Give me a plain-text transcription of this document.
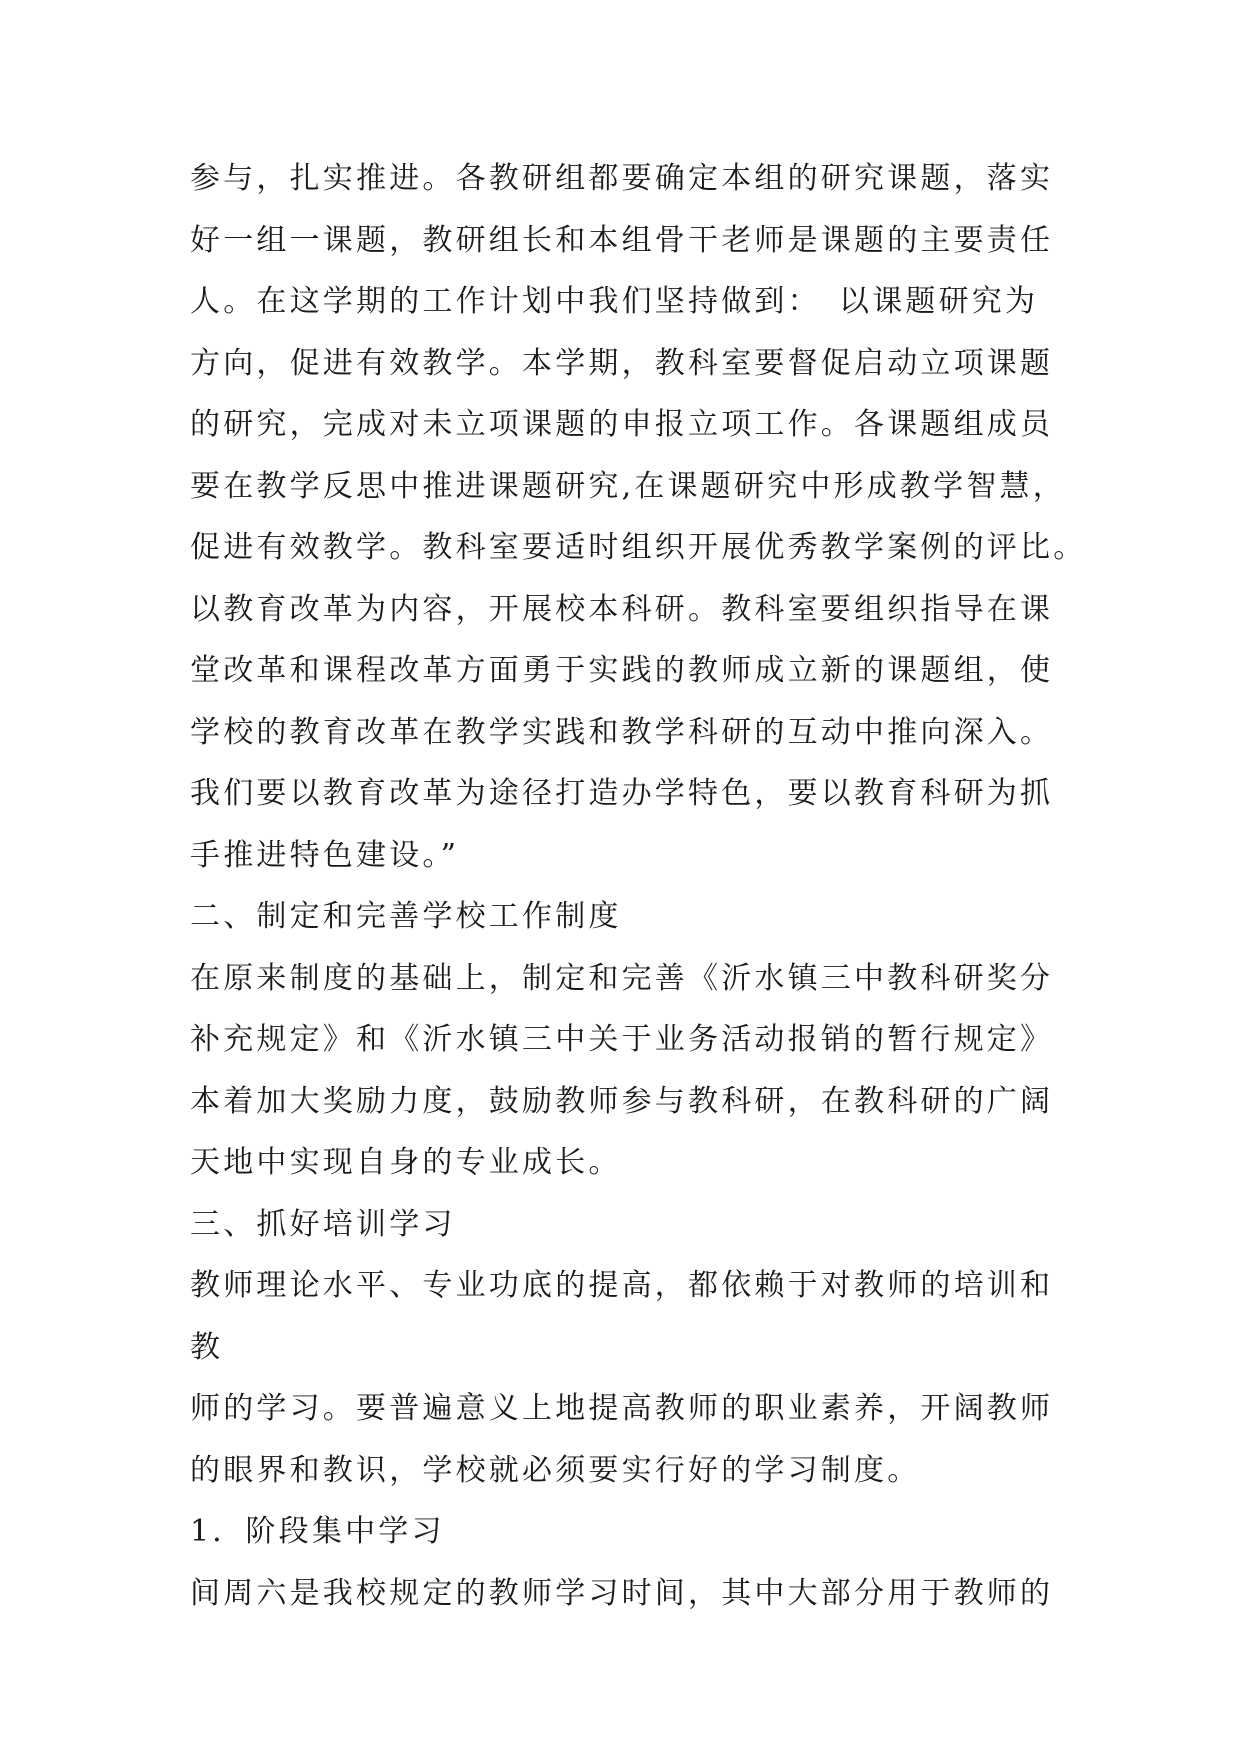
参与，扎实推进。各教研组都要确定本组的研究课题，落实
好一组一课题，教研组长和本组骨干老师是课题的主要责任
人。在这学期的工作计划中我们坚持做到：　以课题研究为
方向，促进有效教学。本学期，教科室要督促启动立项课题
的研究，完成对未立项课题的申报立项工作。各课题组成员
要在教学反思中推进课题研究,在课题研究中形成教学智慧，
促进有效教学。教科室要适时组织开展优秀教学案例的评比。
以教育改革为内容，开展校本科研。教科室要组织指导在课
堂改革和课程改革方面勇于实践的教师成立新的课题组，使
学校的教育改革在教学实践和教学科研的互动中推向深入。
我们要以教育改革为途径打造办学特色，要以教育科研为抓
手推进特色建设。”
二、制定和完善学校工作制度
在原来制度的基础上，制定和完善《沂水镇三中教科研奖分
补充规定》和《沂水镇三中关于业务活动报销的暂行规定》
本着加大奖励力度，鼓励教师参与教科研，在教科研的广阔
天地中实现自身的专业成长。
三、抓好培训学习
教师理论水平、专业功底的提高，都依赖于对教师的培训和
教
师的学习。要普遍意义上地提高教师的职业素养，开阔教师
的眼界和教识，学校就必须要实行好的学习制度。
1．阶段集中学习
间周六是我校规定的教师学习时间，其中大部分用于教师的
